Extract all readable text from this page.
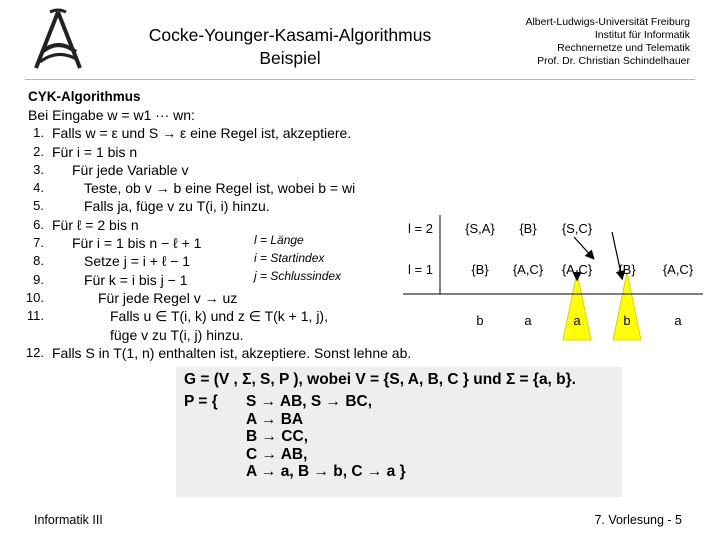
Cocke-Younger-Kasami-Algorithmus
Beispiel
Albert-Ludwigs-Universität Freiburg
Institut für Informatik
Rechnernetze und Telematik
Prof. Dr. Christian Schindelhauer
CYK-Algorithmus
Bei Eingabe w = w1 ··· wn:
1. Falls w = ε und S → ε eine Regel ist, akzeptiere.
2. Für i = 1 bis n
3. Für jede Variable v
4.	Teste, ob v → b eine Regel ist, wobei b = wi
5.	Falls ja, füge v zu T(i, i) hinzu.
6. Für ℓ = 2 bis n
7. Für i = 1 bis n − ℓ + 1
8.	Setze j = i + ℓ − 1
9.	Für k = i bis j − 1
10.	Für jede Regel v → uz
11.	Falls u ∈ T(i, k) und z ∈ T(k + 1, j),
füge v zu T(i, j) hinzu.
12. Falls S in T(1, n) enthalten ist, akzeptiere. Sonst lehne ab.
l = Länge
i = Startindex
j = Schlussindex
l = 2
l = 1
{S,A} {B} {S,C}
{B} {A,C} {A,C} {B} {A,C}
b	a	a	b	a
G = (V , Σ, S, P ), wobei V = {S, A, B, C } und Σ = {a, b}.
P = { S → AB, S → BC,
A → BA
B → CC,
C → AB,
A → a, B → b, C → a }
Informatik III	7. Vorlesung - 5
